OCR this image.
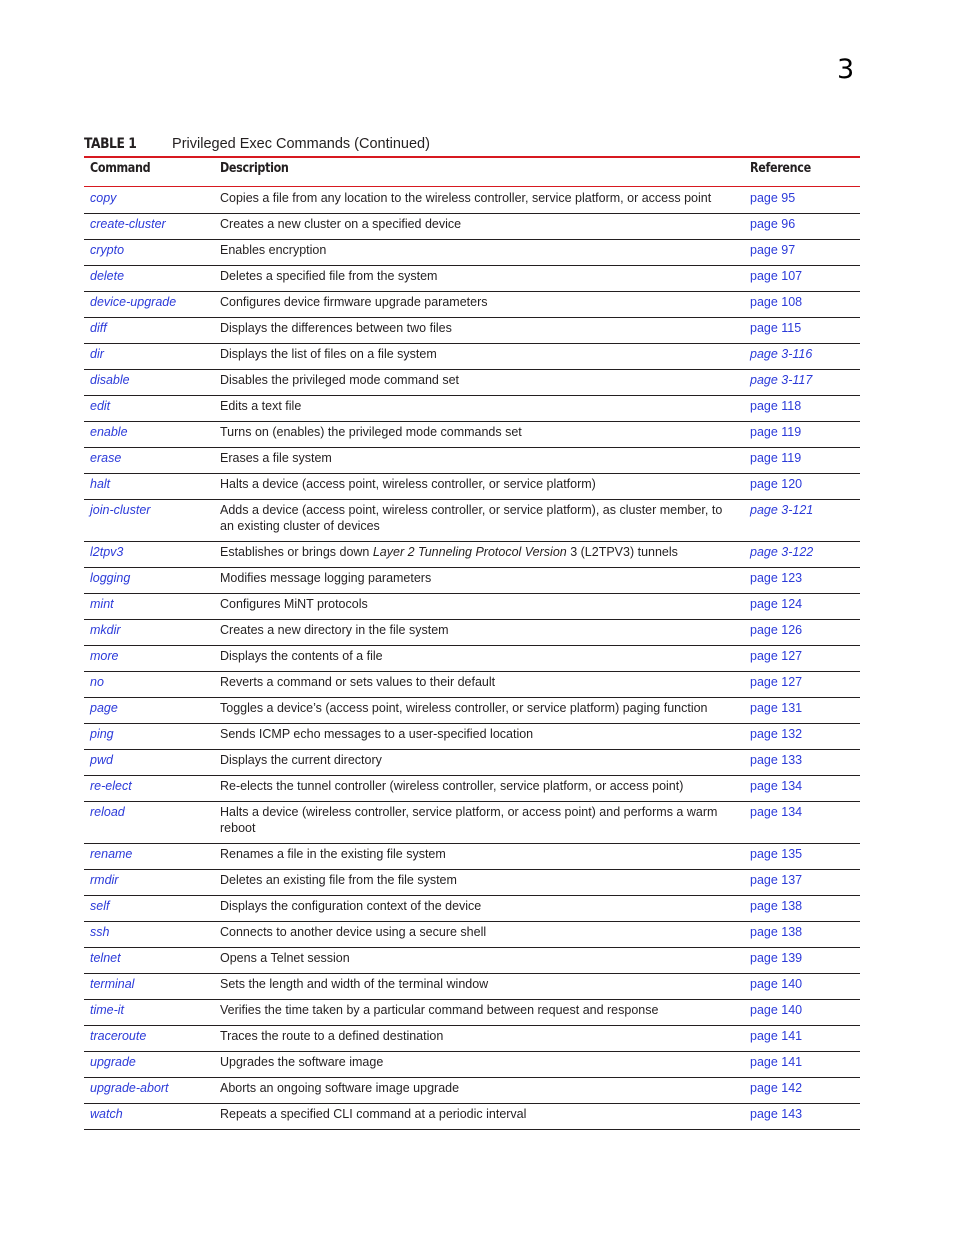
3
TABLE 1 Privileged Exec Commands (Continued)
Command	Description	Reference
copy	Copies a file from any location to the wireless controller, service platform, or access point	page 95
create-cluster	Creates a new cluster on a specified device	page 96
crypto	Enables encryption	page 97
delete	Deletes a specified file from the system	page 107
device-upgrade	Configures device firmware upgrade parameters	page 108
diff	Displays the differences between two files	page 115
dir	Displays the list of files on a file system	page 3-116
disable	Disables the privileged mode command set	page 3-117
edit	Edits a text file	page 118
enable	Turns on (enables) the privileged mode commands set	page 119
erase	Erases a file system	page 119
halt	Halts a device (access point, wireless controller, or service platform)	page 120
join-cluster	Adds a device (access point, wireless controller, or service platform), as cluster member, to an existing cluster of devices	page 3-121
l2tpv3	Establishes or brings down Layer 2 Tunneling Protocol Version 3 (L2TPV3) tunnels	page 3-122
logging	Modifies message logging parameters	page 123
mint	Configures MiNT protocols	page 124
mkdir	Creates a new directory in the file system	page 126
more	Displays the contents of a file	page 127
no	Reverts a command or sets values to their default	page 127
page	Toggles a device’s (access point, wireless controller, or service platform) paging function	page 131
ping	Sends ICMP echo messages to a user-specified location	page 132
pwd	Displays the current directory	page 133
re-elect	Re-elects the tunnel controller (wireless controller, service platform, or access point)	page 134
reload	Halts a device (wireless controller, service platform, or access point) and performs a warm reboot	page 134
rename	Renames a file in the existing file system	page 135
rmdir	Deletes an existing file from the file system	page 137
self	Displays the configuration context of the device	page 138
ssh	Connects to another device using a secure shell	page 138
telnet	Opens a Telnet session	page 139
terminal	Sets the length and width of the terminal window	page 140
time-it	Verifies the time taken by a particular command between request and response	page 140
traceroute	Traces the route to a defined destination	page 141
upgrade	Upgrades the software image	page 141
upgrade-abort	Aborts an ongoing software image upgrade	page 142
watch	Repeats a specified CLI command at a periodic interval	page 143
